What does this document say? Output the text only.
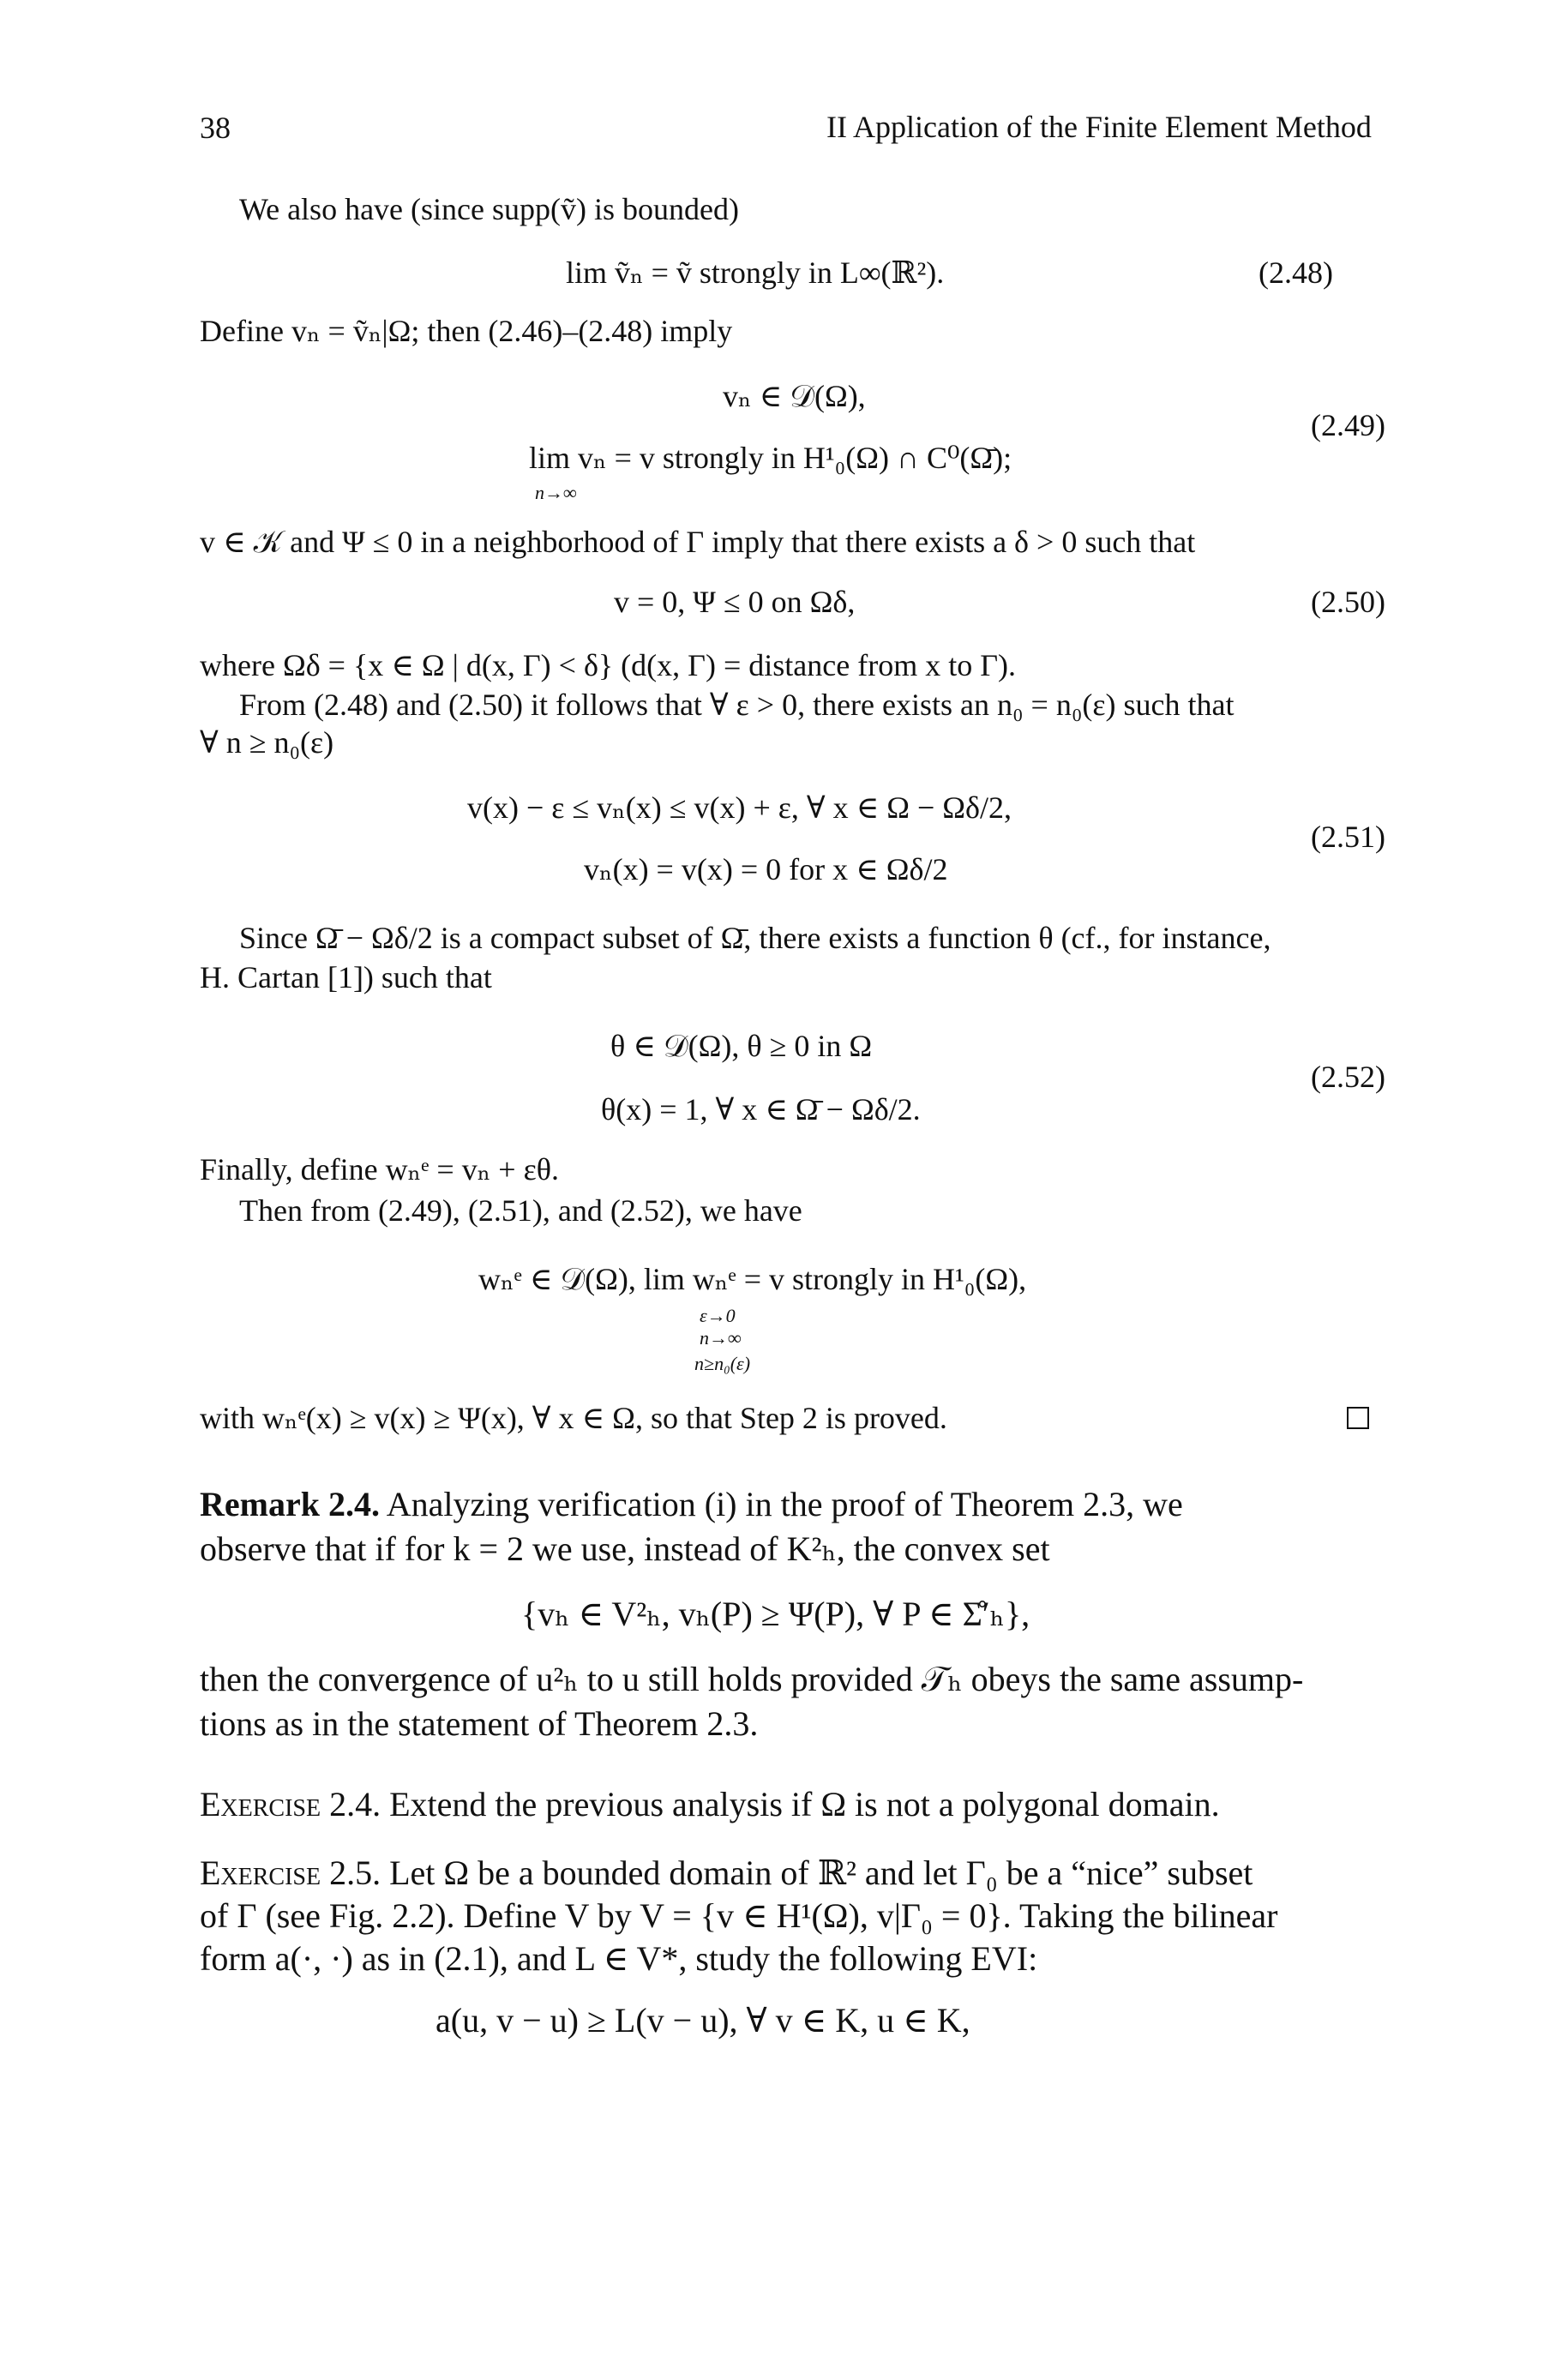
38	II Application of the Finite Element Method
We also have (since supp(ṽ) is bounded)
lim ṽₙ = ṽ strongly in L∞(ℝ²).	(2.48)
Define vₙ = ṽₙ|Ω; then (2.46)–(2.48) imply
vₙ ∈ 𝒟(Ω),
lim vₙ = v strongly in H¹₀(Ω) ∩ C⁰(Ω̄);
n→∞
(2.49)
v ∈ 𝒦 and Ψ ≤ 0 in a neighborhood of Γ imply that there exists a δ > 0 such that
v = 0, Ψ ≤ 0 on Ωδ,	(2.50)
where Ωδ = {x ∈ Ω | d(x, Γ) < δ} (d(x, Γ) = distance from x to Γ).
From (2.48) and (2.50) it follows that ∀ ε > 0, there exists an n₀ = n₀(ε) such that
∀ n ≥ n₀(ε)
v(x) − ε ≤ vₙ(x) ≤ v(x) + ε, ∀ x ∈ Ω − Ωδ/2,
vₙ(x) = v(x) = 0 for x ∈ Ωδ/2
(2.51)
Since Ω̄ − Ωδ/2 is a compact subset of Ω̄, there exists a function θ (cf., for instance,
H. Cartan [1]) such that
θ ∈ 𝒟(Ω), θ ≥ 0 in Ω
θ(x) = 1, ∀ x ∈ Ω̄ − Ωδ/2.
(2.52)
Finally, define wₙᵉ = vₙ + εθ.
Then from (2.49), (2.51), and (2.52), we have
wₙᵉ ∈ 𝒟(Ω), lim wₙᵉ = v strongly in H¹₀(Ω),
ε→0
n→∞
n≥n₀(ε)
with wₙᵉ(x) ≥ v(x) ≥ Ψ(x), ∀ x ∈ Ω, so that Step 2 is proved.
Remark 2.4. Analyzing verification (i) in the proof of Theorem 2.3, we
observe that if for k = 2 we use, instead of K²ₕ, the convex set
{vₕ ∈ V²ₕ, vₕ(P) ≥ Ψ(P), ∀ P ∈ Σ̊′ₕ},
then the convergence of u²ₕ to u still holds provided 𝒯ₕ obeys the same assump-
tions as in the statement of Theorem 2.3.
Exercise 2.4. Extend the previous analysis if Ω is not a polygonal domain.
Exercise 2.5. Let Ω be a bounded domain of ℝ² and let Γ₀ be a “nice” subset
of Γ (see Fig. 2.2). Define V by V = {v ∈ H¹(Ω), v|Γ₀ = 0}. Taking the bilinear
form a(·, ·) as in (2.1), and L ∈ V*, study the following EVI:
a(u, v − u) ≥ L(v − u), ∀ v ∈ K, u ∈ K,
